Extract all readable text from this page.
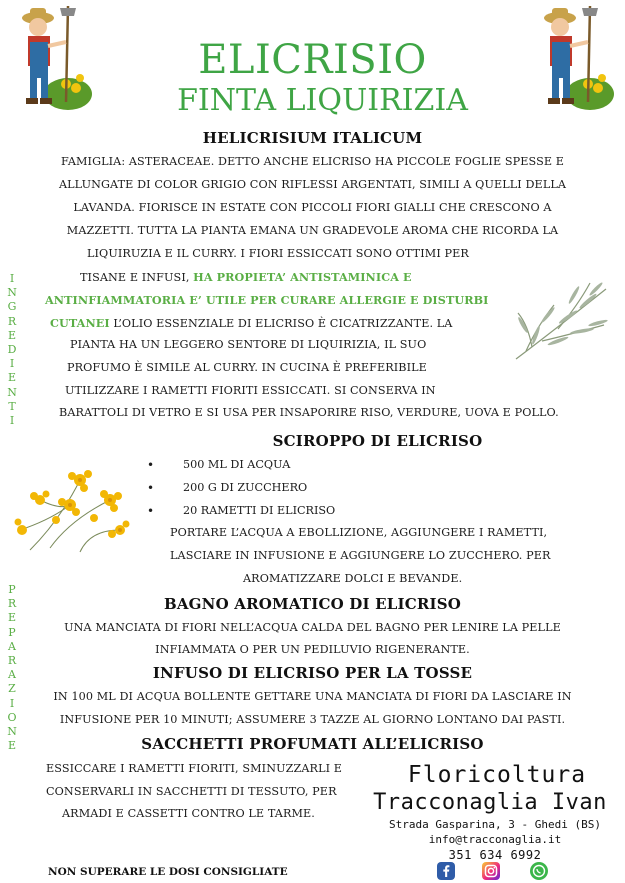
ELICRISIO
FINTA LIQUIRIZIA
HELICRISIUM ITALICUM
FAMIGLIA: ASTERACEAE. DETTO ANCHE ELICRISO HA PICCOLE FOGLIE SPESSE E
ALLUNGATE DI COLOR GRIGIO CON RIFLESSI ARGENTATI, SIMILI A QUELLI DELLA
LAVANDA. FIORISCE IN ESTATE CON PICCOLI FIORI GIALLI CHE CRESCONO A
MAZZETTI. TUTTA LA PIANTA EMANA UN GRADEVOLE AROMA CHE RICORDA LA
LIQUIRUZIA E IL CURRY. I FIORI ESSICCATI SONO OTTIMI PER
TISANE E INFUSI, HA PROPIETA’ ANTISTAMINICA E
ANTINFIAMMATORIA E’ UTILE PER CURARE ALLERGIE E DISTURBI
CUTANEI L’OLIO ESSENZIALE DI ELICRISO È CICATRIZZANTE. LA
PIANTA HA UN LEGGERO SENTORE DI LIQUIRIZIA, IL SUO
PROFUMO È SIMILE AL CURRY. IN CUCINA È PREFERIBILE
UTILIZZARE I RAMETTI FIORITI ESSICCATI. SI CONSERVA IN
BARATTOLI DI VETRO E SI USA PER INSAPORIRE RISO, VERDURE, UOVA E POLLO.
I
N
G
R
E
D
I
E
N
T
I
SCIROPPO DI ELICRISO
• 500 ML DI ACQUA
• 200 G DI ZUCCHERO
• 20 RAMETTI DI ELICRISO
PORTARE L’ACQUA A EBOLLIZIONE, AGGIUNGERE I RAMETTI,
LASCIARE IN INFUSIONE E AGGIUNGERE LO ZUCCHERO. PER
AROMATIZZARE DOLCI E BEVANDE.
BAGNO AROMATICO DI ELICRISO
UNA MANCIATA DI FIORI NELL’ACQUA CALDA DEL BAGNO PER LENIRE LA PELLE
INFIAMMATA O PER UN PEDILUVIO RIGENERANTE.
INFUSO DI ELICRISO PER LA TOSSE
IN 100 ML DI ACQUA BOLLENTE GETTARE UNA MANCIATA DI FIORI DA LASCIARE IN
INFUSIONE PER 10 MINUTI; ASSUMERE 3 TAZZE AL GIORNO LONTANO DAI PASTI.
SACCHETTI PROFUMATI ALL’ELICRISO
ESSICCARE I RAMETTI FIORITI, SMINUZZARLI E
CONSERVARLI IN SACCHETTI DI TESSUTO, PER
ARMADI E CASSETTI CONTRO LE TARME.
P
R
E
P
A
R
A
Z
I
O
N
E
Floricoltura
Tracconaglia Ivan
Strada Gasparina, 3 - Ghedi (BS)
info@tracconaglia.it
351 634 6992
NON SUPERARE LE DOSI CONSIGLIATE
